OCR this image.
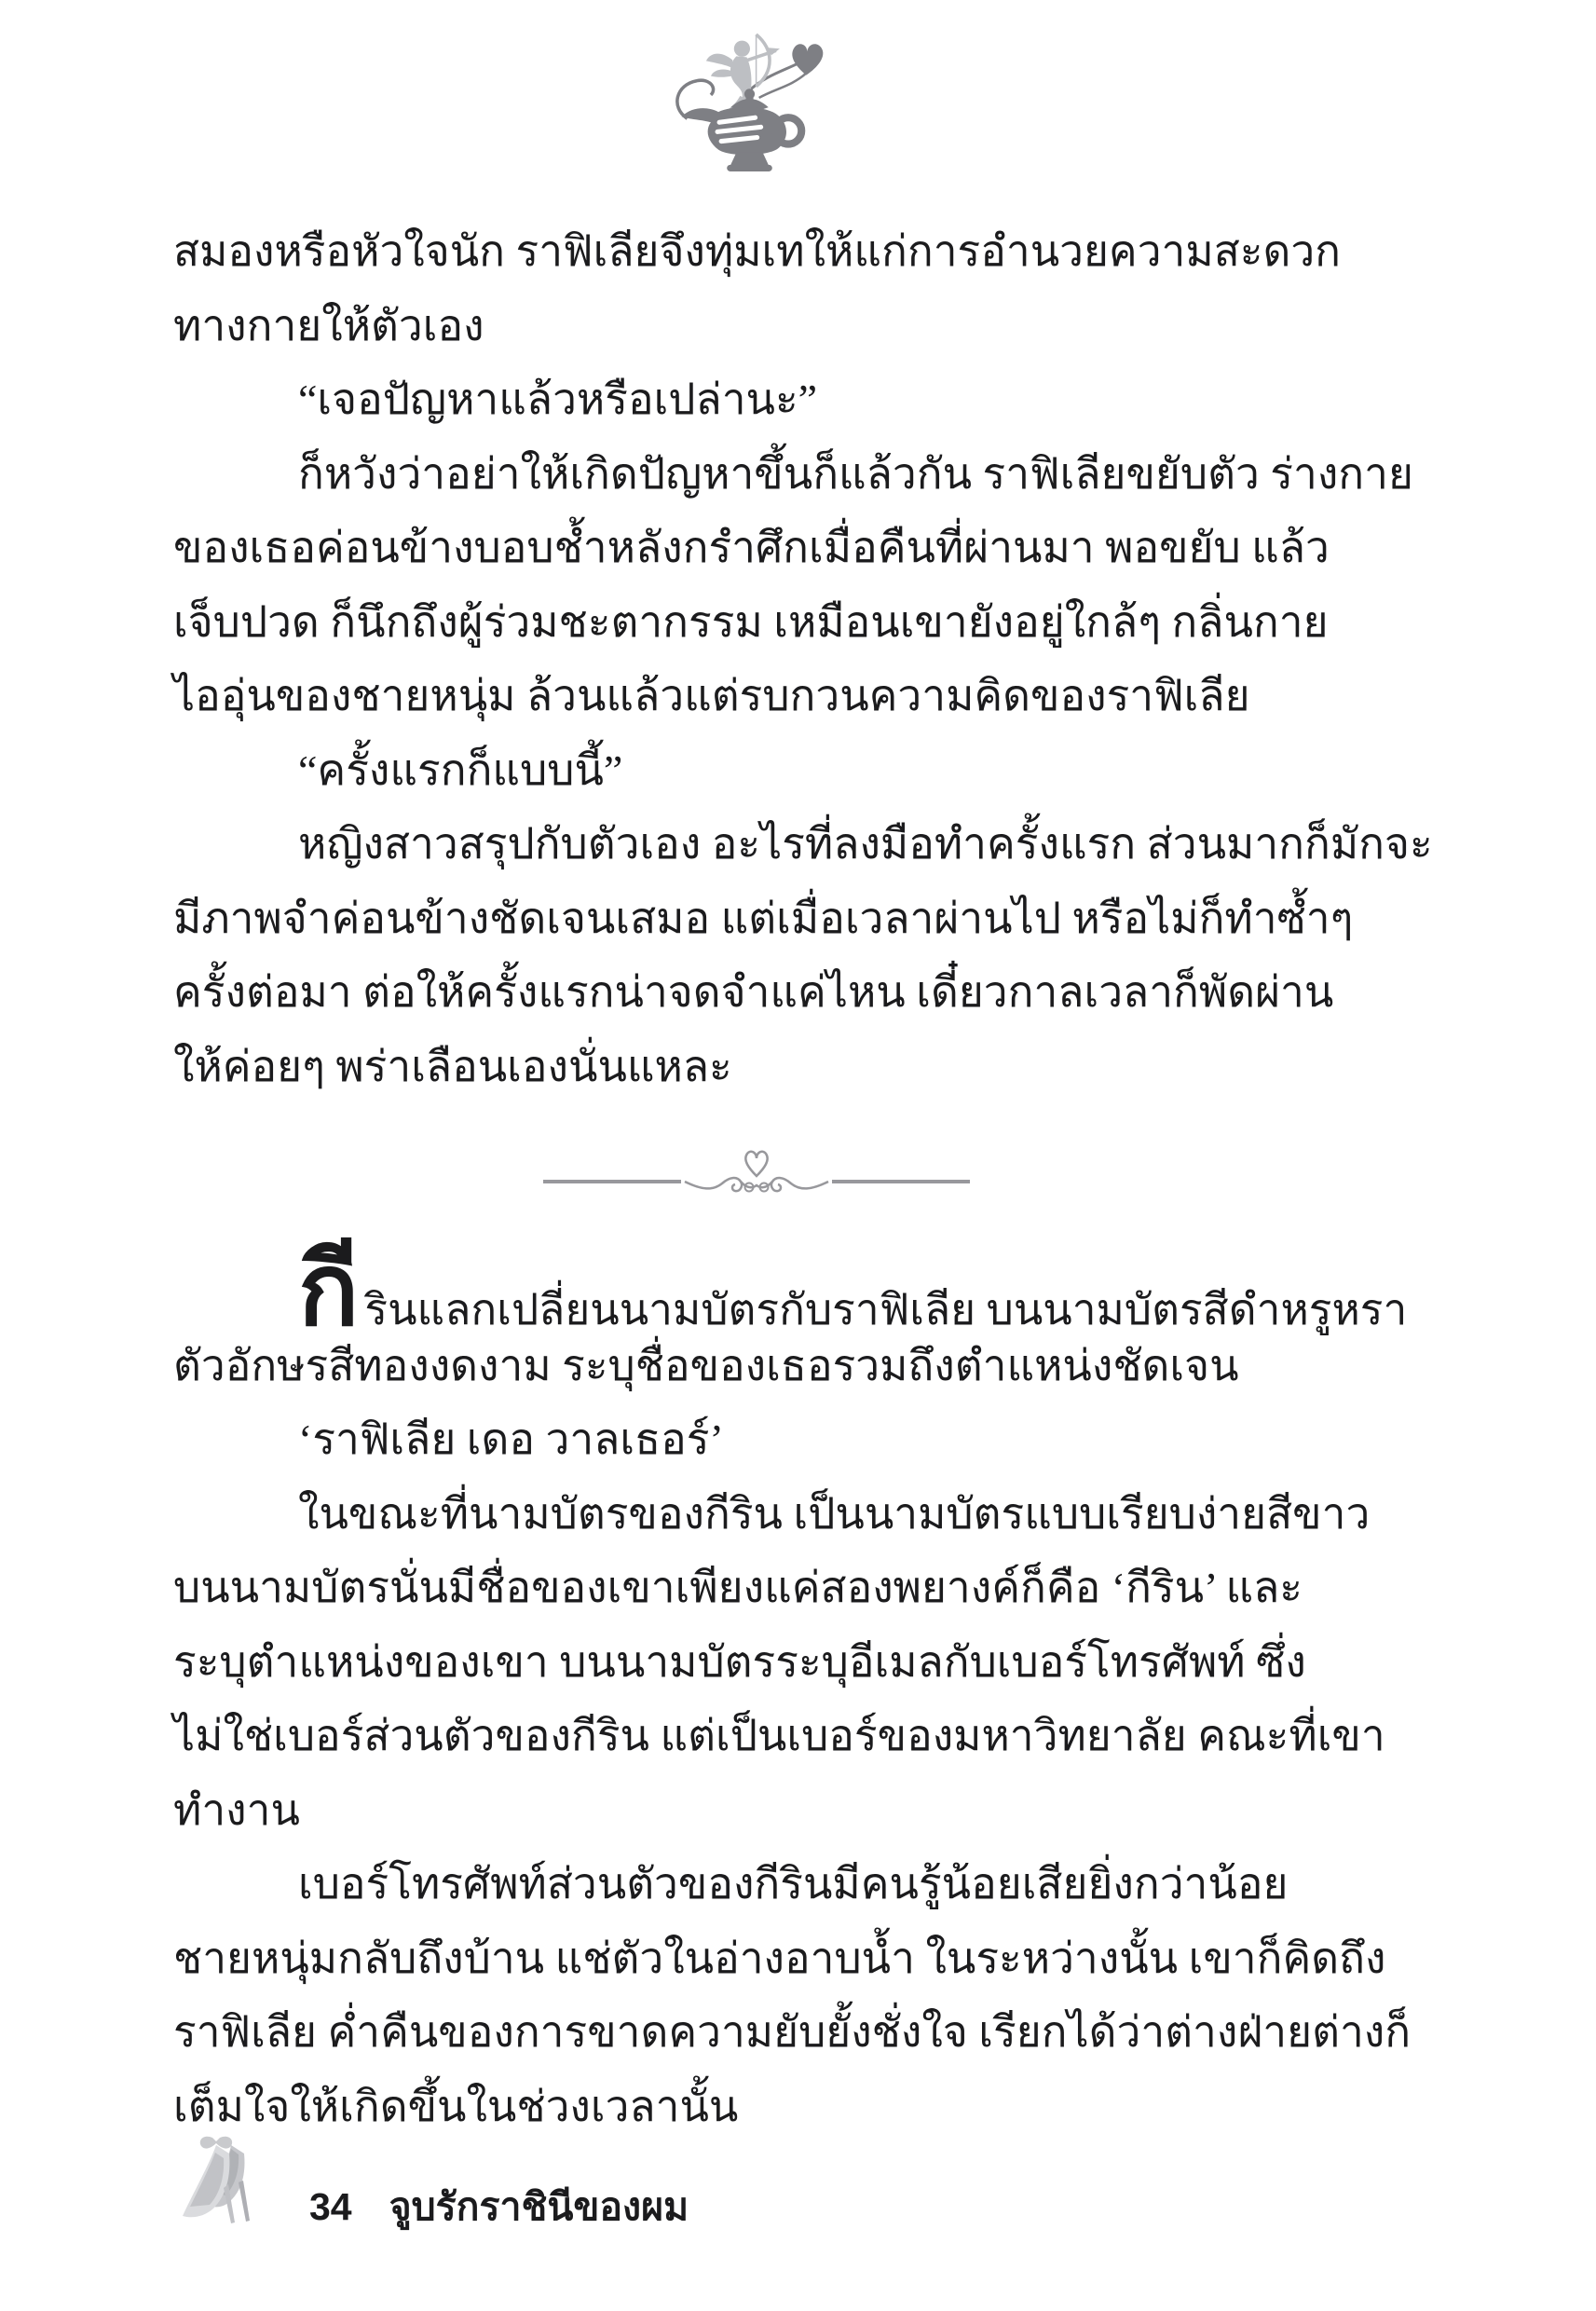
สมองหรือหัวใจนัก ราฟิเลียจึงทุ่มเทให้แก่การอำนวยความสะดวก
ทางกายให้ตัวเอง
“เจอปัญหาแล้วหรือเปล่านะ”
ก็หวังว่าอย่าให้เกิดปัญหาขึ้นก็แล้วกัน ราฟิเลียขยับตัว ร่างกาย
ของเธอค่อนข้างบอบช้ำหลังกรำศึกเมื่อคืนที่ผ่านมา พอขยับ แล้ว
เจ็บปวด ก็นึกถึงผู้ร่วมชะตากรรม เหมือนเขายังอยู่ใกล้ๆ กลิ่นกาย
ไออุ่นของชายหนุ่ม ล้วนแล้วแต่รบกวนความคิดของราฟิเลีย
“ครั้งแรกก็แบบนี้”
หญิงสาวสรุปกับตัวเอง อะไรที่ลงมือทำครั้งแรก ส่วนมากก็มักจะ
มีภาพจำค่อนข้างชัดเจนเสมอ แต่เมื่อเวลาผ่านไป หรือไม่ก็ทำซ้ำๆ
ครั้งต่อมา ต่อให้ครั้งแรกน่าจดจำแค่ไหน เดี๋ยวกาลเวลาก็พัดผ่าน
ให้ค่อยๆ พร่าเลือนเองนั่นแหละ
กีรินแลกเปลี่ยนนามบัตรกับราฟิเลีย บนนามบัตรสีดำหรูหรา
ตัวอักษรสีทองงดงาม ระบุชื่อของเธอรวมถึงตำแหน่งชัดเจน
‘ราฟิเลีย เดอ วาลเธอร์’
ในขณะที่นามบัตรของกีริน เป็นนามบัตรแบบเรียบง่ายสีขาว
บนนามบัตรนั่นมีชื่อของเขาเพียงแค่สองพยางค์ก็คือ ‘กีริน’ และ
ระบุตำแหน่งของเขา บนนามบัตรระบุอีเมลกับเบอร์โทรศัพท์ ซึ่ง
ไม่ใช่เบอร์ส่วนตัวของกีริน แต่เป็นเบอร์ของมหาวิทยาลัย คณะที่เขา
ทำงาน
เบอร์โทรศัพท์ส่วนตัวของกีรินมีคนรู้น้อยเสียยิ่งกว่าน้อย
ชายหนุ่มกลับถึงบ้าน แช่ตัวในอ่างอาบน้ำ ในระหว่างนั้น เขาก็คิดถึง
ราฟิเลีย ค่ำคืนของการขาดความยับยั้งชั่งใจ เรียกได้ว่าต่างฝ่ายต่างก็
เต็มใจให้เกิดขึ้นในช่วงเวลานั้น
34 จูบรักราชินีของผม
